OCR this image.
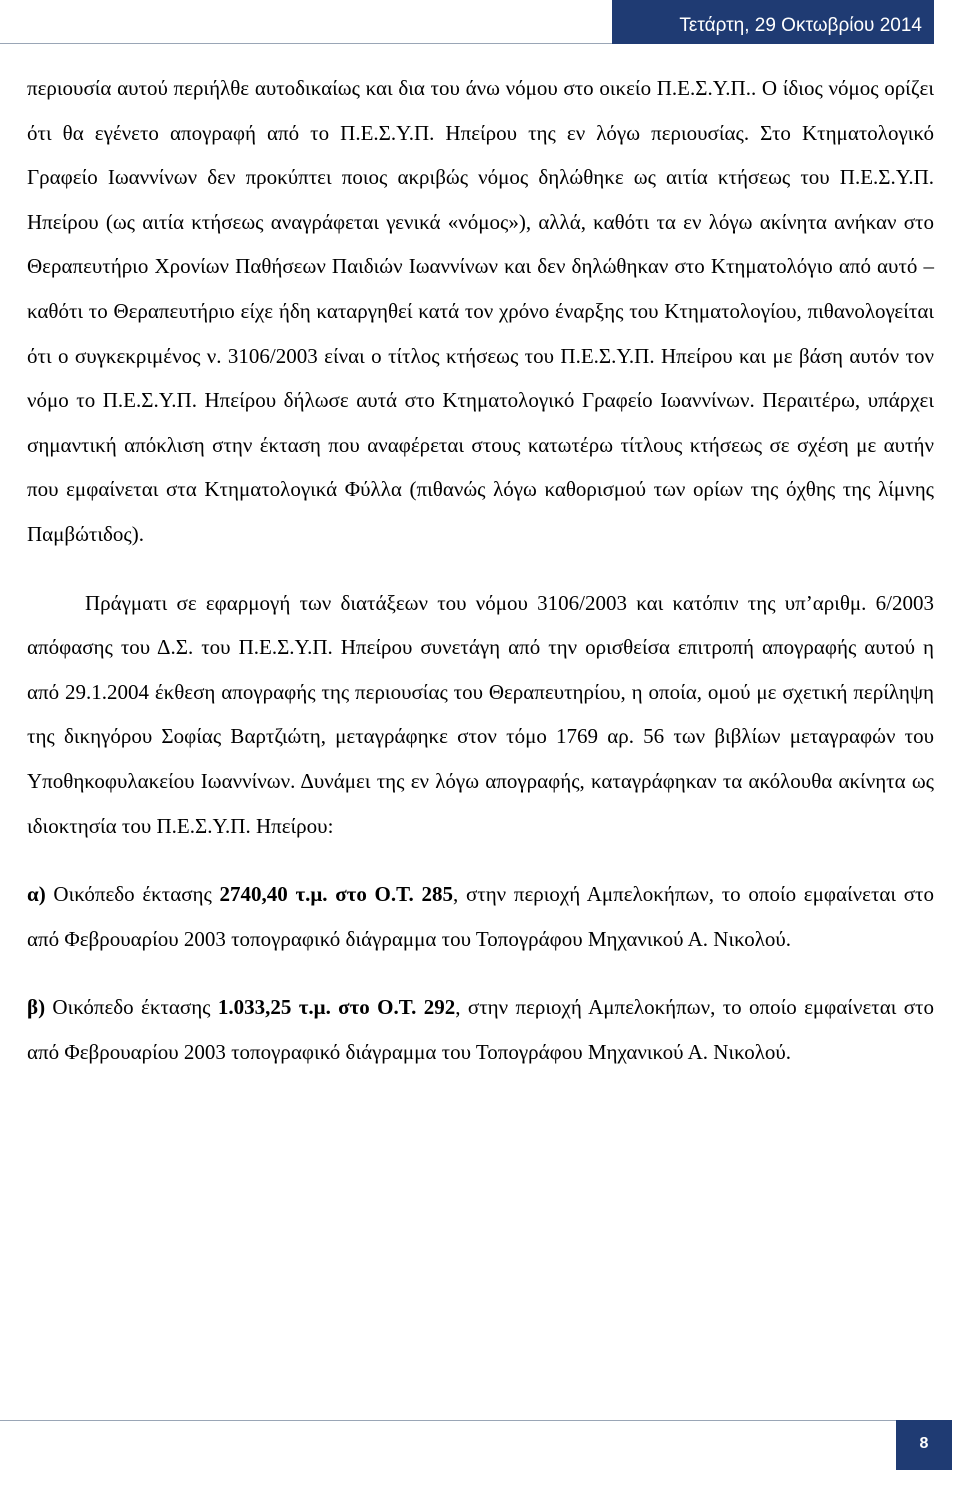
Τετάρτη, 29 Οκτωβρίου 2014

περιουσία αυτού περιήλθε αυτοδικαίως και δια του άνω νόμου στο οικείο Π.Ε.Σ.Υ.Π.. Ο ίδιος νόμος ορίζει ότι θα εγένετο απογραφή από το Π.Ε.Σ.Υ.Π. Ηπείρου της εν λόγω περιουσίας. Στο Κτηματολογικό Γραφείο Ιωαννίνων δεν προκύπτει ποιος ακριβώς νόμος δηλώθηκε ως αιτία κτήσεως του Π.Ε.Σ.Υ.Π. Ηπείρου (ως αιτία κτήσεως αναγράφεται γενικά «νόμος»), αλλά, καθότι τα εν λόγω ακίνητα ανήκαν στο Θεραπευτήριο Χρονίων Παθήσεων Παιδιών Ιωαννίνων και δεν δηλώθηκαν στο Κτηματολόγιο από αυτό –καθότι το Θεραπευτήριο είχε ήδη καταργηθεί κατά τον χρόνο έναρξης του Κτηματολογίου, πιθανολογείται ότι ο συγκεκριμένος ν. 3106/2003 είναι ο τίτλος κτήσεως του Π.Ε.Σ.Υ.Π. Ηπείρου και με βάση αυτόν τον νόμο το Π.Ε.Σ.Υ.Π. Ηπείρου δήλωσε αυτά στο Κτηματολογικό Γραφείο Ιωαννίνων. Περαιτέρω, υπάρχει σημαντική απόκλιση στην έκταση που αναφέρεται στους κατωτέρω τίτλους κτήσεως σε σχέση με αυτήν που εμφαίνεται στα Κτηματολογικά Φύλλα (πιθανώς λόγω καθορισμού των ορίων της όχθης της λίμνης Παμβώτιδος).

Πράγματι σε εφαρμογή των διατάξεων του νόμου 3106/2003 και κατόπιν της υπ’αριθμ. 6/2003 απόφασης του Δ.Σ. του Π.Ε.Σ.Υ.Π. Ηπείρου συνετάγη από την ορισθείσα επιτροπή απογραφής αυτού η από 29.1.2004 έκθεση απογραφής της περιουσίας του Θεραπευτηρίου, η οποία, ομού με σχετική περίληψη της δικηγόρου Σοφίας Βαρτζιώτη, μεταγράφηκε στον τόμο 1769 αρ. 56 των βιβλίων μεταγραφών του Υποθηκοφυλακείου Ιωαννίνων. Δυνάμει της εν λόγω απογραφής, καταγράφηκαν τα ακόλουθα ακίνητα ως ιδιοκτησία του Π.Ε.Σ.Υ.Π. Ηπείρου:

α) Οικόπεδο έκτασης 2740,40 τ.μ. στο Ο.Τ. 285, στην περιοχή Αμπελοκήπων, το οποίο εμφαίνεται στο από Φεβρουαρίου 2003 τοπογραφικό διάγραμμα του Τοπογράφου Μηχανικού Α. Νικολού.

β) Οικόπεδο έκτασης 1.033,25 τ.μ. στο Ο.Τ. 292, στην περιοχή Αμπελοκήπων, το οποίο εμφαίνεται στο από Φεβρουαρίου 2003 τοπογραφικό διάγραμμα του Τοπογράφου Μηχανικού Α. Νικολού.

8
